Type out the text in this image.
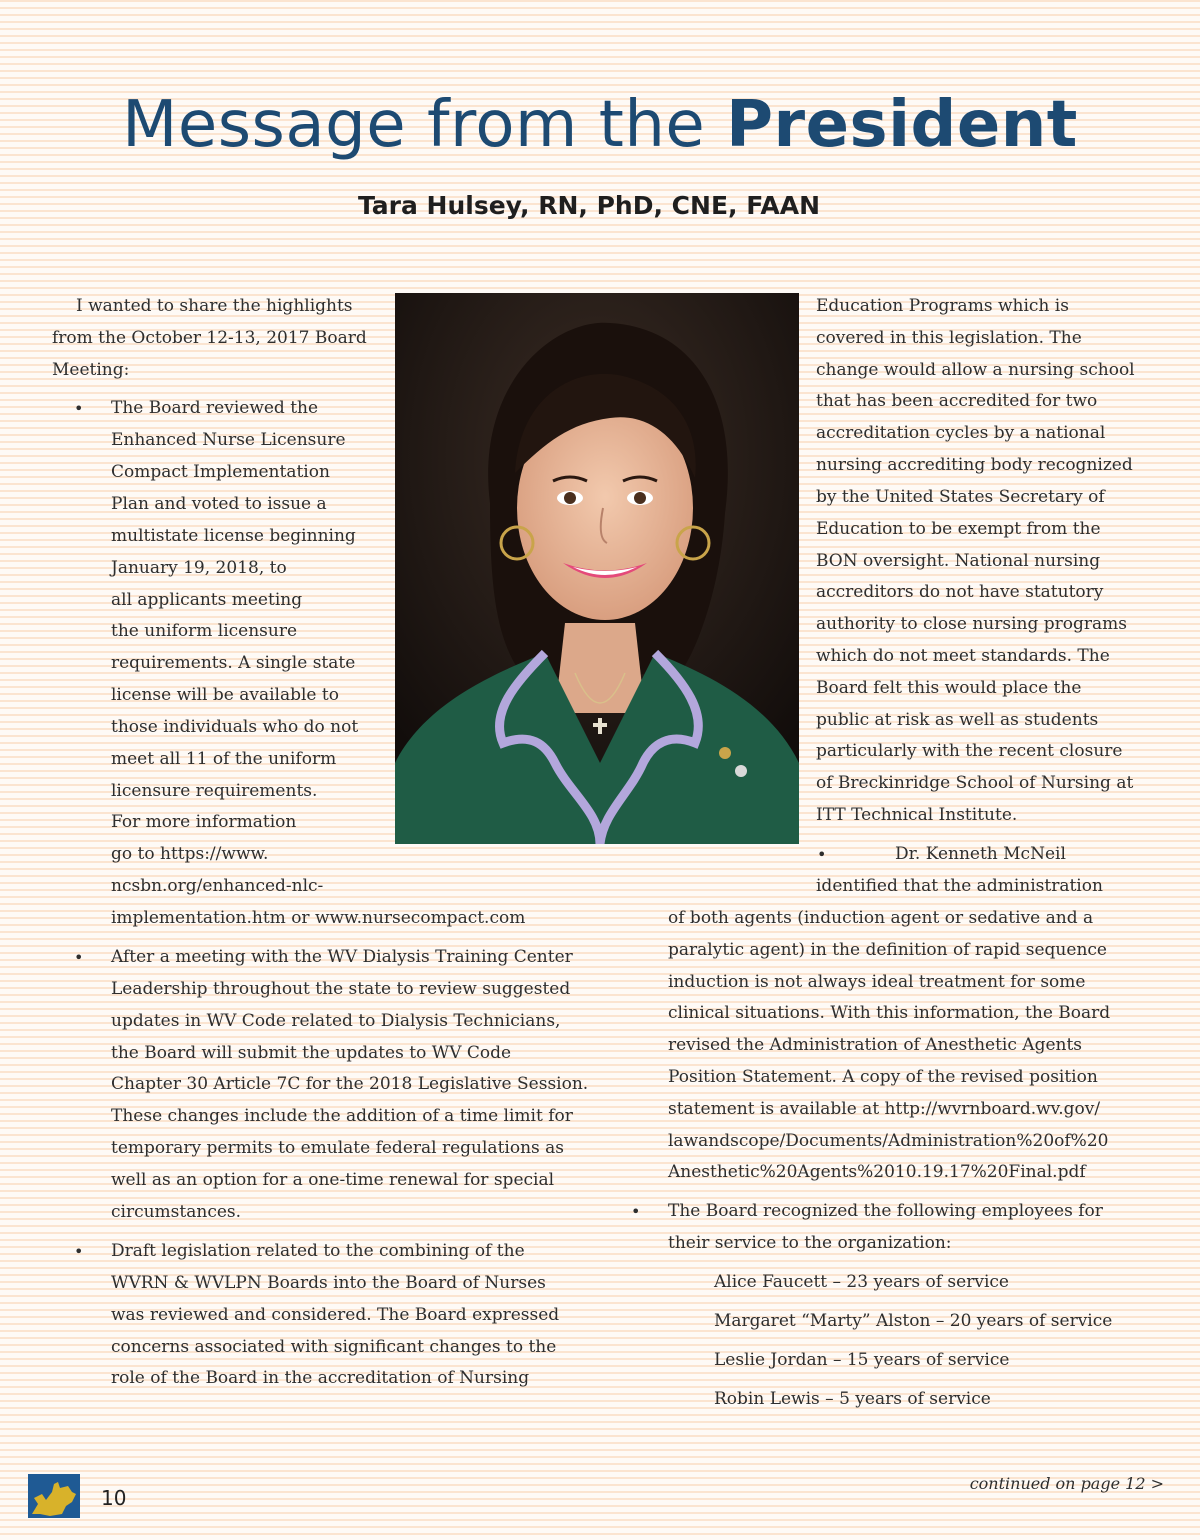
Message from the President
Tara Hulsey, RN, PhD, CNE, FAAN
I wanted to share the highlights
from the October 12-13, 2017 Board
Meeting:
• The Board reviewed the
Enhanced Nurse Licensure
Compact Implementation
Plan and voted to issue a
multistate license beginning
January 19, 2018, to
all applicants meeting
the uniform licensure
requirements. A single state
license will be available to
those individuals who do not
meet all 11 of the uniform
licensure requirements.
For more information
go to https://www.
ncsbn.org/enhanced-nlc-
implementation.htm or www.nursecompact.com
• After a meeting with the WV Dialysis Training Center
Leadership throughout the state to review suggested
updates in WV Code related to Dialysis Technicians,
the Board will submit the updates to WV Code
Chapter 30 Article 7C for the 2018 Legislative Session.
These changes include the addition of a time limit for
temporary permits to emulate federal regulations as
well as an option for a one-time renewal for special
circumstances.
• Draft legislation related to the combining of the
WVRN & WVLPN Boards into the Board of Nurses
was reviewed and considered. The Board expressed
concerns associated with significant changes to the
role of the Board in the accreditation of Nursing
Education Programs which is
covered in this legislation. The
change would allow a nursing school
that has been accredited for two
accreditation cycles by a national
nursing accrediting body recognized
by the United States Secretary of
Education to be exempt from the
BON oversight. National nursing
accreditors do not have statutory
authority to close nursing programs
which do not meet standards. The
Board felt this would place the
public at risk as well as students
particularly with the recent closure
of Breckinridge School of Nursing at
ITT Technical Institute.
•	Dr. Kenneth McNeil
identified that the administration
of both agents (induction agent or sedative and a
paralytic agent) in the definition of rapid sequence
induction is not always ideal treatment for some
clinical situations. With this information, the Board
revised the Administration of Anesthetic Agents
Position Statement. A copy of the revised position
statement is available at http://wvrnboard.wv.gov/
lawandscope/Documents/Administration%20of%20
Anesthetic%20Agents%2010.19.17%20Final.pdf
• The Board recognized the following employees for
their service to the organization:
Alice Faucett – 23 years of service
Margaret “Marty” Alston – 20 years of service
Leslie Jordan – 15 years of service
Robin Lewis – 5 years of service
10
continued on page 12 >
